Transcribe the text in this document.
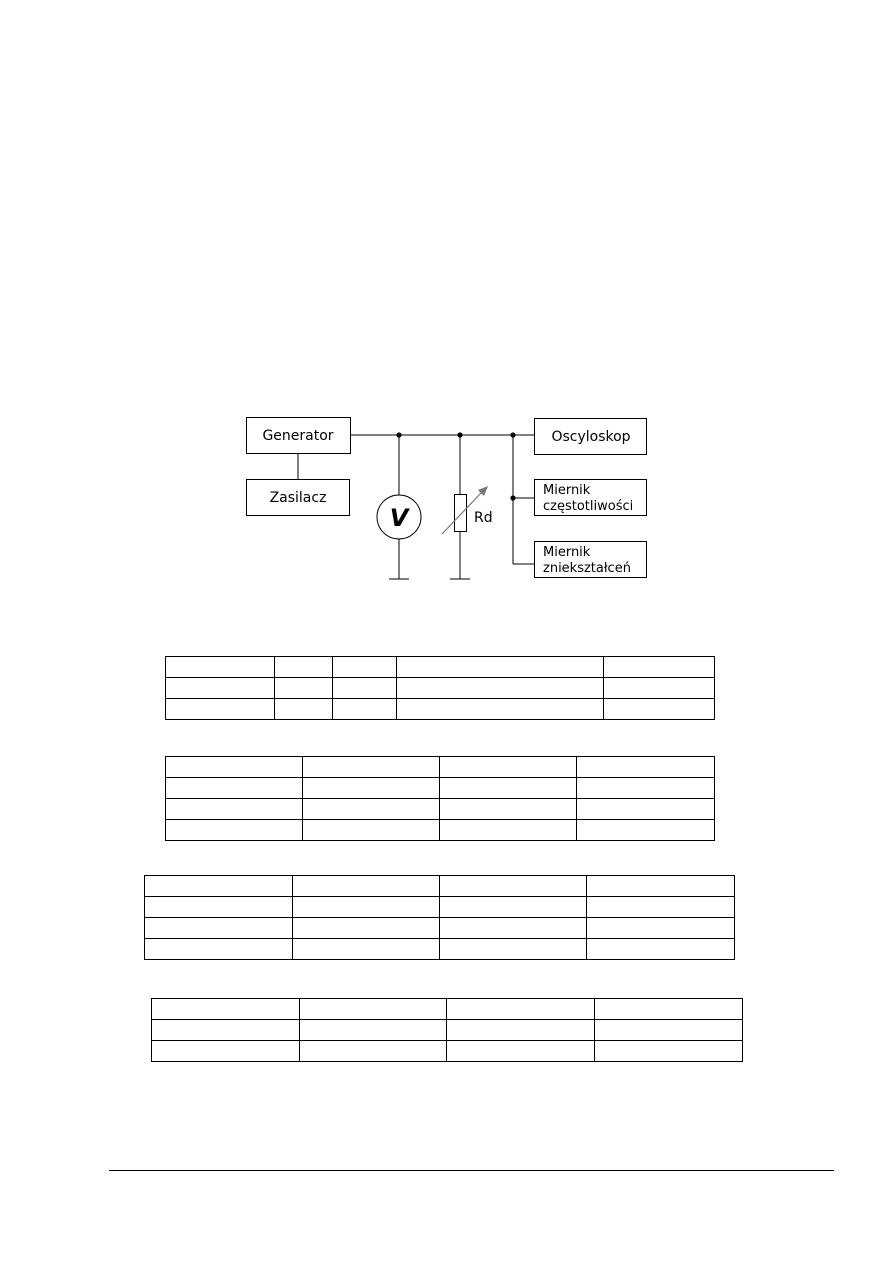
Generator
Zasilacz
Oscyloskop
Miernik
częstotliwości
Miernik
zniekształceń
V	Rd
